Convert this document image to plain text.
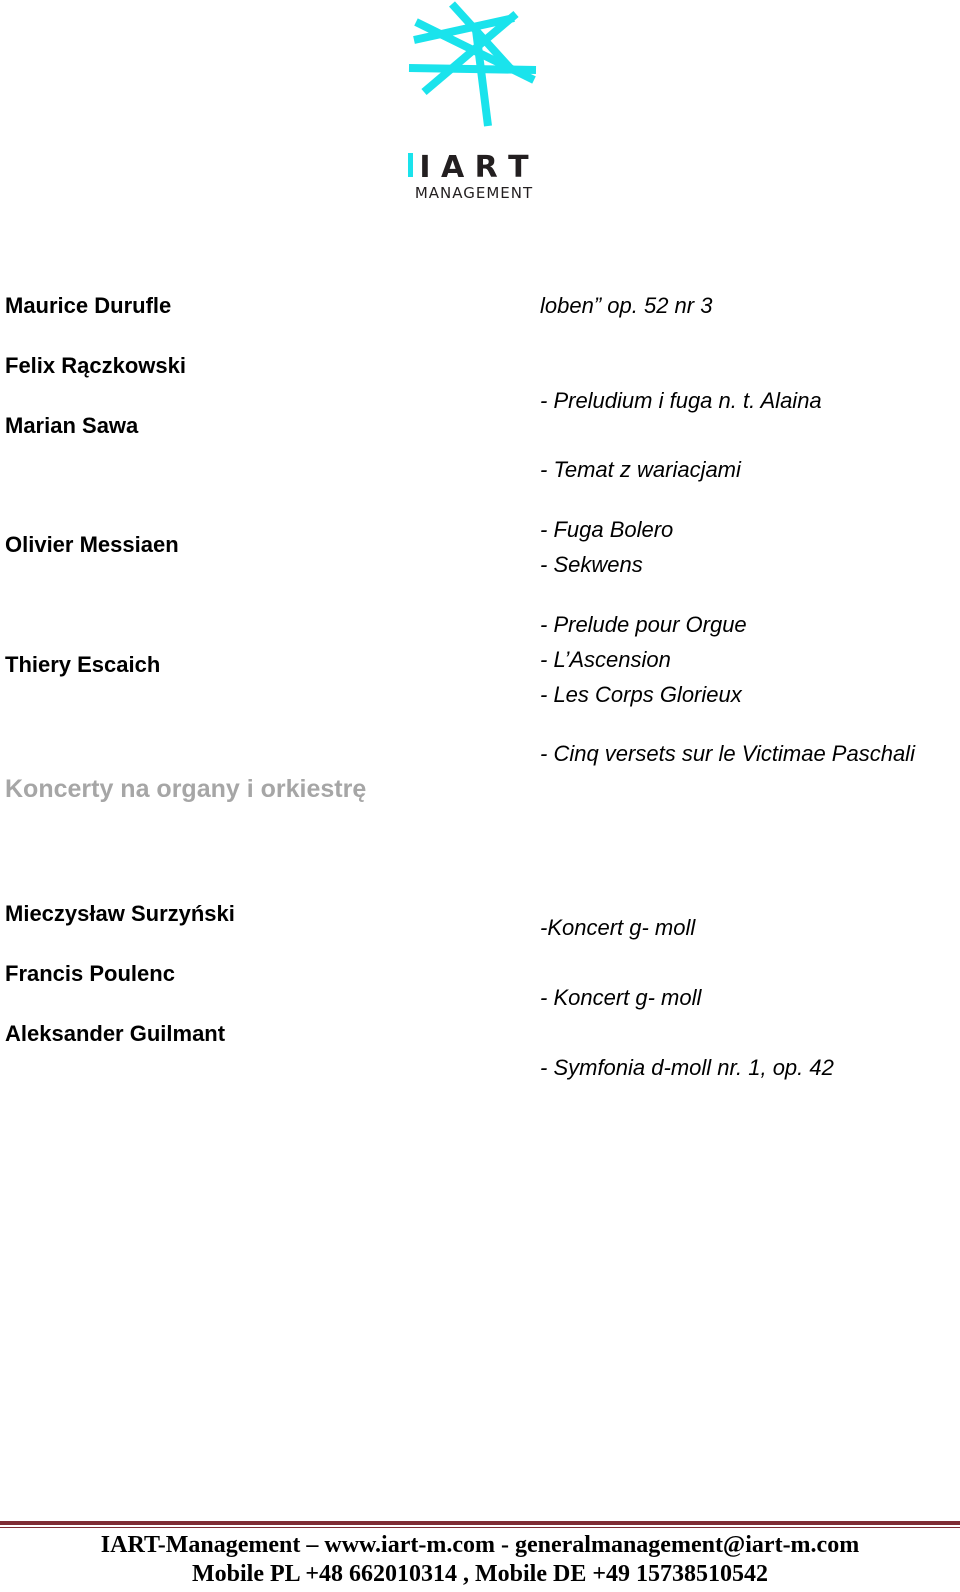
I A R T
MANAGEMENT
Maurice Durufle
Felix Rączkowski
Marian Sawa
Olivier Messiaen
Thiery Escaich
loben” op. 52 nr 3
- Preludium i fuga n. t. Alaina
- Temat z wariacjami
- Fuga Bolero
- Sekwens
- Prelude pour Orgue
- L’Ascension
- Les Corps Glorieux
- Cinq versets sur le Victimae Paschali
Koncerty na organy i orkiestrę
Mieczysław Surzyński
Francis Poulenc
Aleksander Guilmant
-Koncert g- moll
- Koncert g- moll
- Symfonia d-moll nr. 1, op. 42
IART-Management – www.iart-m.com - generalmanagement@iart-m.com
Mobile PL +48 662010314 , Mobile DE +49 15738510542
